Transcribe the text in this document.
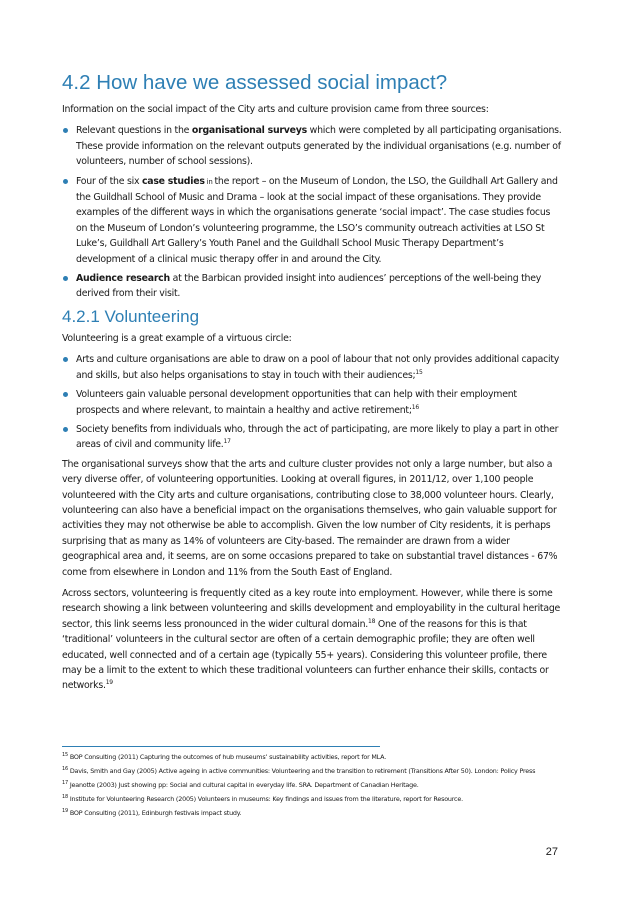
4.2 How have we assessed social impact?

Information on the social impact of the City arts and culture provision came from three sources:

Relevant questions in the organisational surveys which were completed by all participating organisations. These provide information on the relevant outputs generated by the individual organisations (e.g. number of volunteers, number of school sessions).
Four of the six case studies in the report – on the Museum of London, the LSO, the Guildhall Art Gallery and the Guildhall School of Music and Drama – look at the social impact of these organisations. They provide examples of the different ways in which the organisations generate ‘social impact’. The case studies focus on the Museum of London’s volunteering programme, the LSO’s community outreach activities at LSO St Luke’s, Guildhall Art Gallery’s Youth Panel and the Guildhall School Music Therapy Department’s development of a clinical music therapy offer in and around the City.
Audience research at the Barbican provided insight into audiences’ perceptions of the well-being they derived from their visit.
4.2.1 Volunteering

Volunteering is a great example of a virtuous circle:

Arts and culture organisations are able to draw on a pool of labour that not only provides additional capacity and skills, but also helps organisations to stay in touch with their audiences;$^{15}$
Volunteers gain valuable personal development opportunities that can help with their employment prospects and where relevant, to maintain a healthy and active retirement;$^{16}$
Society benefits from individuals who, through the act of participating, are more likely to play a part in other areas of civil and community life.$^{17}$

The organisational surveys show that the arts and culture cluster provides not only a large number, but also a very diverse offer, of volunteering opportunities. Looking at overall figures, in 2011/12, over 1,100 people volunteered with the City arts and culture organisations, contributing close to 38,000 volunteer hours. Clearly, volunteering can also have a beneficial impact on the organisations themselves, who gain valuable support for activities they may not otherwise be able to accomplish. Given the low number of City residents, it is perhaps surprising that as many as 14% of volunteers are City-based. The remainder are drawn from a wider geographical area and, it seems, are on some occasions prepared to take on substantial travel distances - 67% come from elsewhere in London and 11% from the South East of England.

Across sectors, volunteering is frequently cited as a key route into employment. However, while there is some research showing a link between volunteering and skills development and employability in the cultural heritage sector, this link seems less pronounced in the wider cultural domain.$^{18}$ One of the reasons for this is that ‘traditional’ volunteers in the cultural sector are often of a certain demographic profile; they are often well educated, well connected and of a certain age (typically 55+ years). Considering this volunteer profile, there may be a limit to the extent to which these traditional volunteers can further enhance their skills, contacts or networks.$^{19}$

$^{15}$ BOP Consulting (2011) Capturing the outcomes of hub museums’ sustainability activities, report for MLA.

$^{16}$ Davis, Smith and Gay (2005) Active ageing in active communities: Volunteering and the transition to retirement (Transitions After 50). London: Policy Press

$^{17}$ Jeanotte (2003) Just showing pp: Social and cultural capital in everyday life. SRA. Department of Canadian Heritage.

$^{18}$ Institute for Volunteering Research (2005) Volunteers in museums: Key findings and issues from the literature, report for Resource.

$^{19}$ BOP Consulting (2011), Edinburgh festivals impact study.

27
